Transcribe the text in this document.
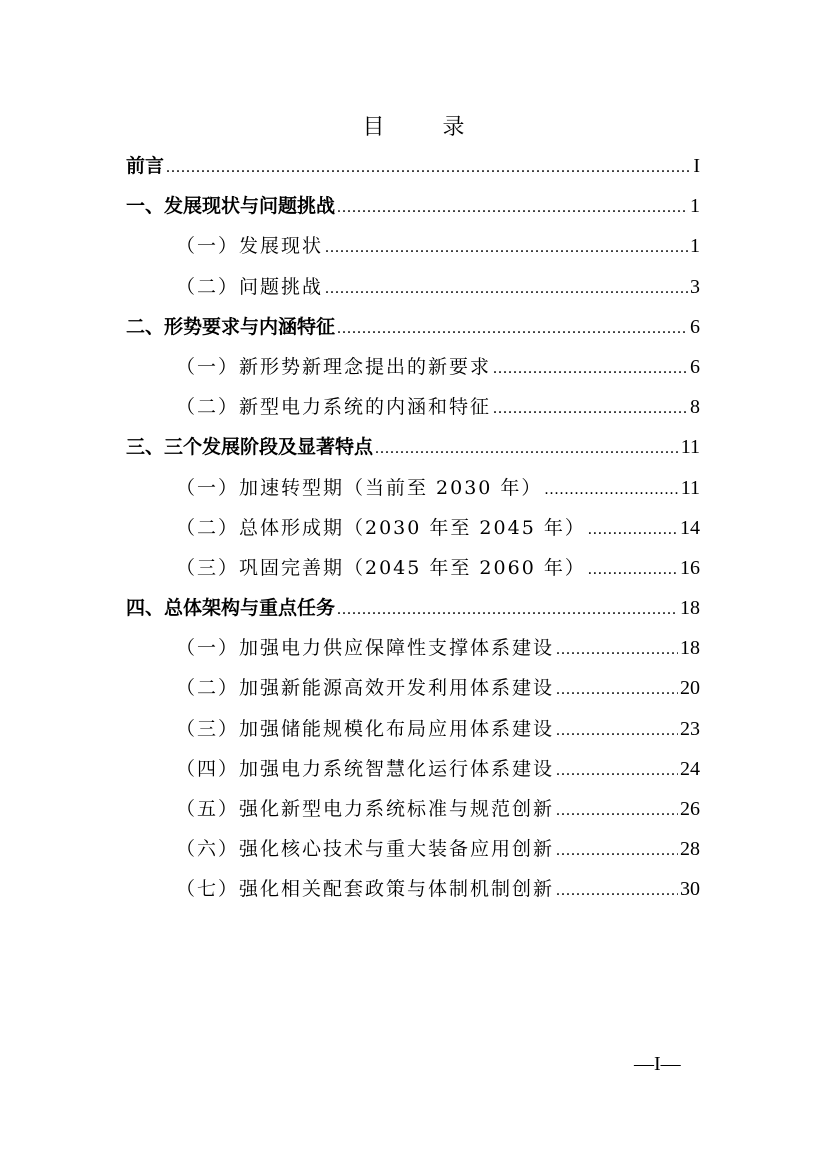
目　录
前言 .....	I
一、发展现状与问题挑战 .....	1
（一）发展现状 .....	1
（二）问题挑战 .....	3
二、形势要求与内涵特征 .....	6
（一）新形势新理念提出的新要求 .....	6
（二）新型电力系统的内涵和特征 .....	8
三、三个发展阶段及显著特点 .....	11
（一）加速转型期（当前至 2030 年） .....	11
（二）总体形成期（2030 年至 2045 年） .....	14
（三）巩固完善期（2045 年至 2060 年） .....	16
四、总体架构与重点任务 .....	18
（一）加强电力供应保障性支撑体系建设 .....	18
（二）加强新能源高效开发利用体系建设 .....	20
（三）加强储能规模化布局应用体系建设 .....	23
（四）加强电力系统智慧化运行体系建设 .....	24
（五）强化新型电力系统标准与规范创新 .....	26
（六）强化核心技术与重大装备应用创新 .....	28
（七）强化相关配套政策与体制机制创新 .....	30
—I—
